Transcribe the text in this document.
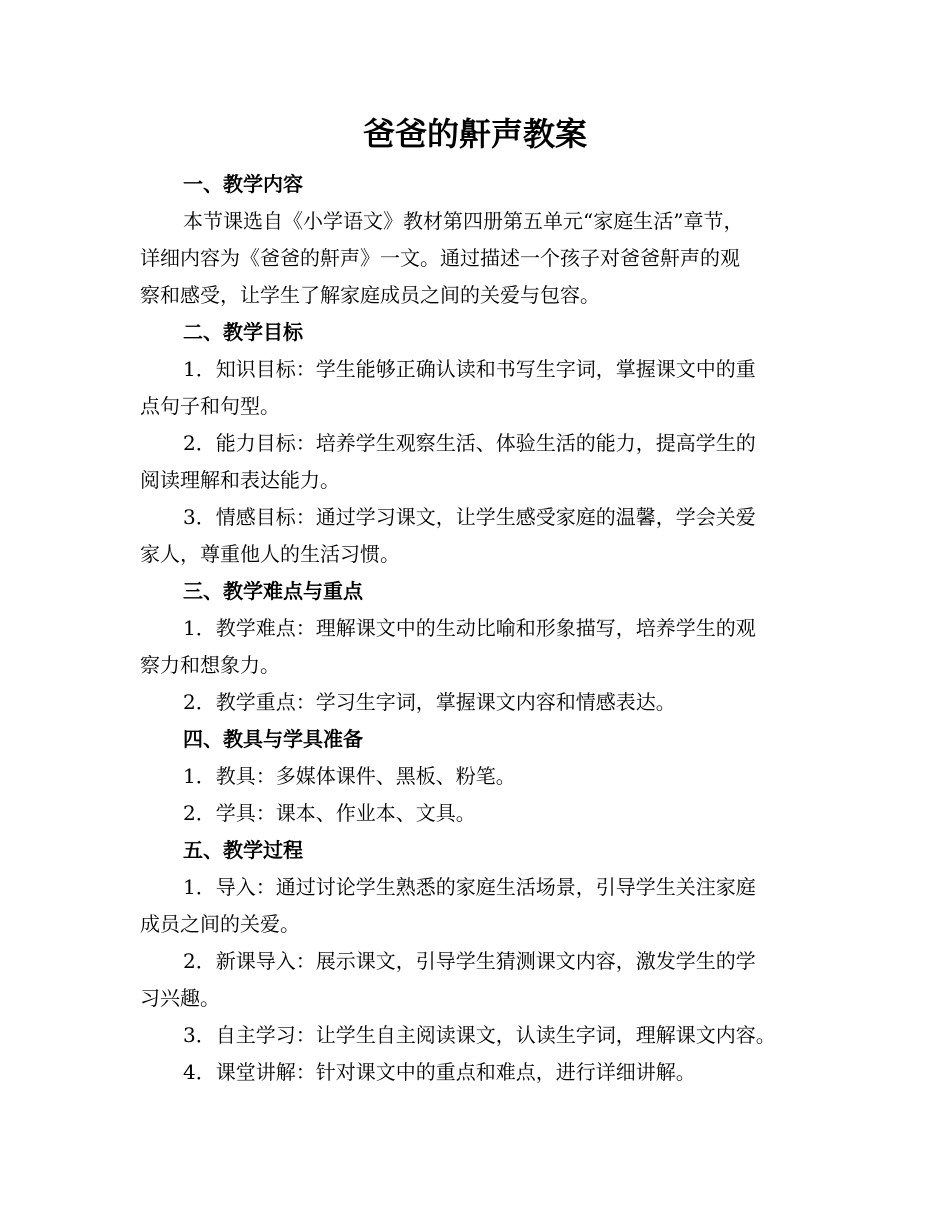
爸爸的鼾声教案
一、教学内容
本节课选自《小学语文》教材第四册第五单元“家庭生活”章节，
详细内容为《爸爸的鼾声》一文。通过描述一个孩子对爸爸鼾声的观
察和感受，让学生了解家庭成员之间的关爱与包容。
二、教学目标
1．知识目标：学生能够正确认读和书写生字词，掌握课文中的重
点句子和句型。
2．能力目标：培养学生观察生活、体验生活的能力，提高学生的
阅读理解和表达能力。
3．情感目标：通过学习课文，让学生感受家庭的温馨，学会关爱
家人，尊重他人的生活习惯。
三、教学难点与重点
1．教学难点：理解课文中的生动比喻和形象描写，培养学生的观
察力和想象力。
2．教学重点：学习生字词，掌握课文内容和情感表达。
四、教具与学具准备
1．教具：多媒体课件、黑板、粉笔。
2．学具：课本、作业本、文具。
五、教学过程
1．导入：通过讨论学生熟悉的家庭生活场景，引导学生关注家庭
成员之间的关爱。
2．新课导入：展示课文，引导学生猜测课文内容，激发学生的学
习兴趣。
3．自主学习：让学生自主阅读课文，认读生字词，理解课文内容。
4．课堂讲解：针对课文中的重点和难点，进行详细讲解。
